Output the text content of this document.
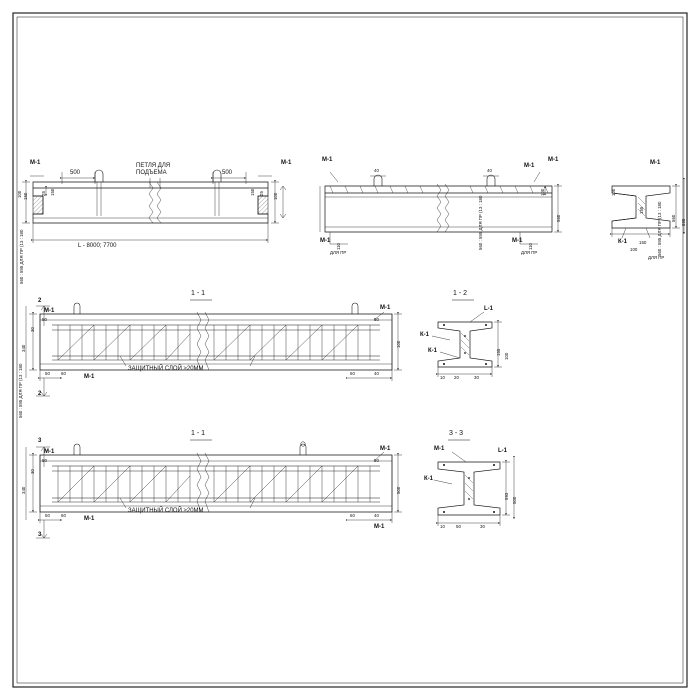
М-1	М-1
ПЕТЛЯ ДЛЯ
ПОДЪЕМА
500	500
150
100	25 150	150 25 100
L - 8000; 7700
560 : 595 ДЛЯ ПР (13 : 180
М-1	М-1
М-1
40	40
100
560
М-1
110
ДЛЯ ПР
М-1
110
ДЛЯ ПР
560 : 595 ДЛЯ ПР (13 : 180
М-1
100
155
560
595
К-1	150
100	560 : 595 ДЛЯ ПР (13 : 180
ДЛЯ ПР
1 - 1
2
2
М-1
ЗАЩИТНЫЙ СЛОЙ ≥20ММ
340
30
100
50	50
50	60	60	40
М-1
М-1
560 : 595 ДЛЯ ПР (13 : 180
1 - 2
L-1
К-1
К-1	155
100
10 20	30
1 - 1
3
3
М-1
ЗАЩИТНЫЙ СЛОЙ ≥20ММ
340
30
500
50	50
50	60	60	40
М-1
М-1
М-1
3 - 3
М-1	L-1
К-1
593
500
10	50	30
